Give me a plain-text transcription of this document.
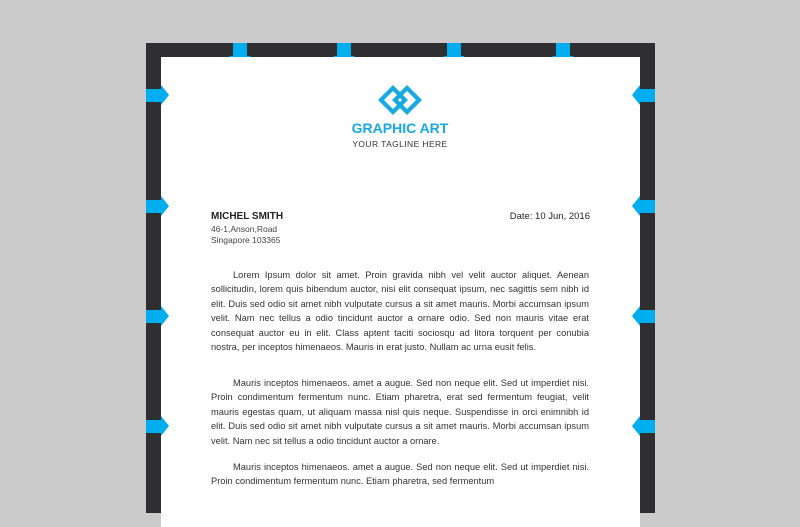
GRAPHIC ART
YOUR TAGLINE HERE
MICHEL SMITH
46-1,Anson,Road
Singapore 103365
Date: 10 Jun, 2016

Lorem Ipsum dolor sit amet. Proin gravida nibh vel velit auctor aliquet. Aenean sollicitudin, lorem quis bibendum auctor, nisi elit consequat ipsum, nec sagittis sem nibh id elit. Duis sed odio sit amet nibh vulputate cursus a sit amet mauris. Morbi accumsan ipsum velit. Nam nec tellus a odio tincidunt auctor a ornare odio. Sed non mauris vitae erat consequat auctor eu in elit. Class aptent taciti sociosqu ad litora torquent per conubia nostra, per inceptos himenaeos. Mauris in erat justo. Nullam ac urna eusit felis.

Mauris inceptos himenaeos. amet a augue. Sed non neque elit. Sed ut imperdiet nisi. Proin condimentum fermentum nunc. Etiam pharetra, erat sed fermentum feugiat, velit mauris egestas quam, ut aliquam massa nisl quis neque. Suspendisse in orci enimnibh id elit. Duis sed odio sit amet nibh vulputate cursus a sit amet mauris. Morbi accumsan ipsum velit. Nam nec sit tellus a odio tincidunt auctor a ornare.

Mauris inceptos himenaeos. amet a augue. Sed non neque elit. Sed ut imperdiet nisi. Proin condimentum fermentum nunc. Etiam pharetra, sed fermentum
